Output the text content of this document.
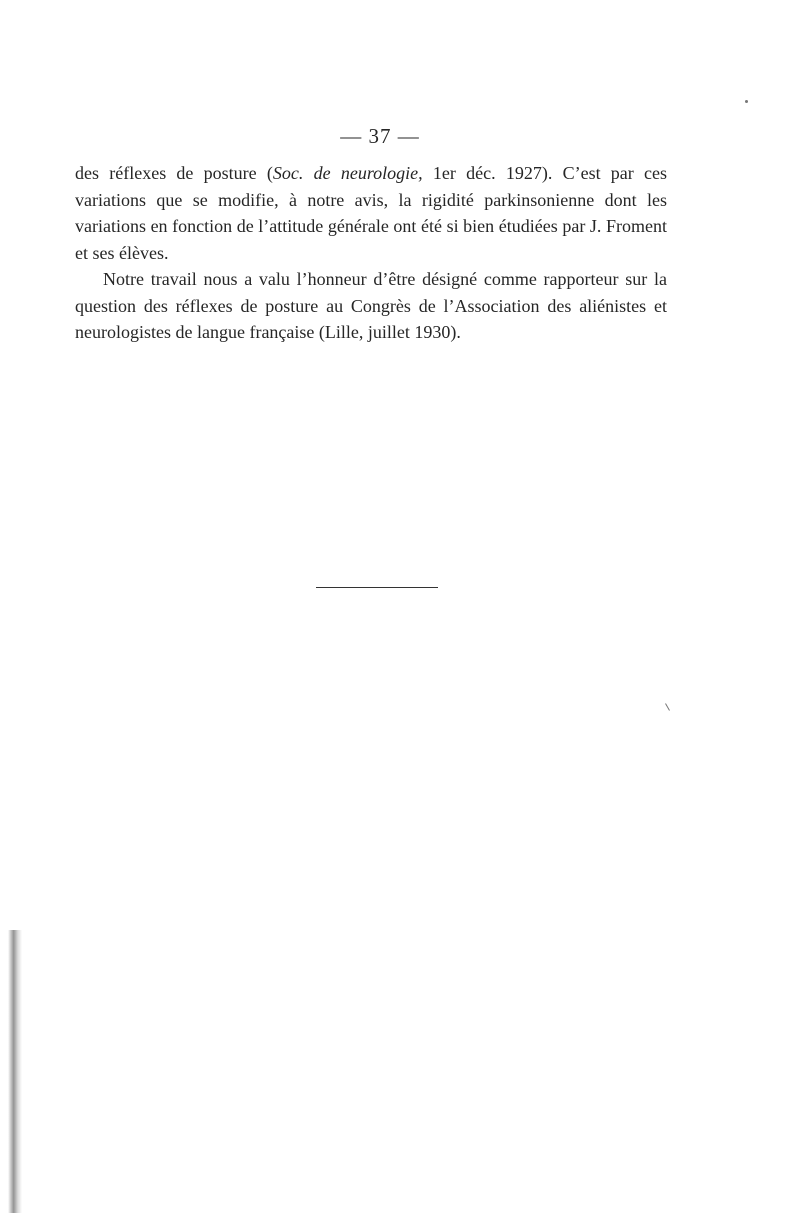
— 37 —

des réflexes de posture (Soc. de neurologie, 1er déc. 1927). C’est par ces variations que se modifie, à notre avis, la rigidité parkinsonienne dont les variations en fonction de l’attitude générale ont été si bien étudiées par J. Froment et ses élèves.

Notre travail nous a valu l’honneur d’être désigné comme rapporteur sur la question des réflexes de posture au Congrès de l’Association des aliénistes et neurologistes de langue française (Lille, juillet 1930).
